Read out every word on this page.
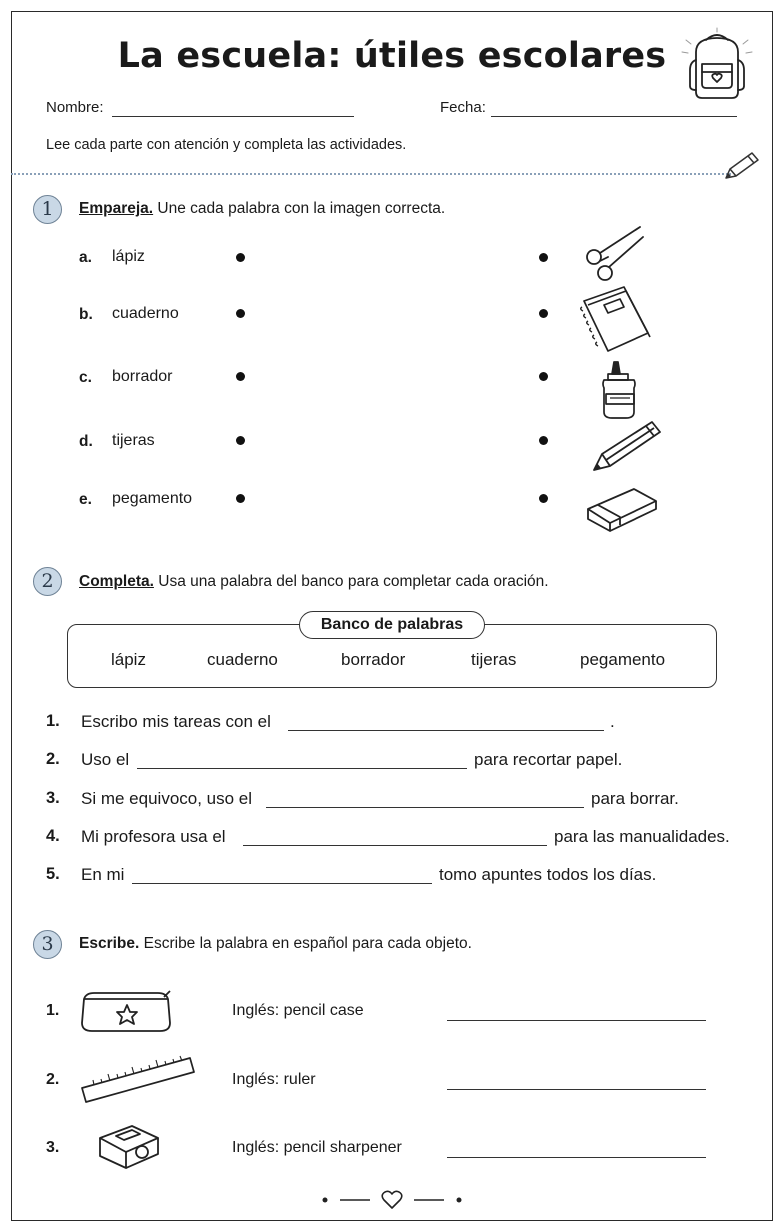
La escuela: útiles escolares
Nombre:	Fecha:

Lee cada parte con atención y completa las actividades.

1	Empareja. Une cada palabra con la imagen correcta.

a. lápiz
b. cuaderno
c. borrador
d. tijeras
e. pegamento
2	Completa. Usa una palabra del banco para completar cada oración.

Banco de palabras
lápiz	cuaderno	borrador	tijeras	pegamento
1. Escribo mis tareas con el	.
2. Uso el	para recortar papel.
3. Si me equivoco, uso el	para borrar.
4. Mi profesora usa el	para las manualidades.
5. En mi	tomo apuntes todos los días.
3	Escribe. Escribe la palabra en español para cada objeto.

1.	Inglés: pencil case
2.	Inglés: ruler
3.	Inglés: pencil sharpener
